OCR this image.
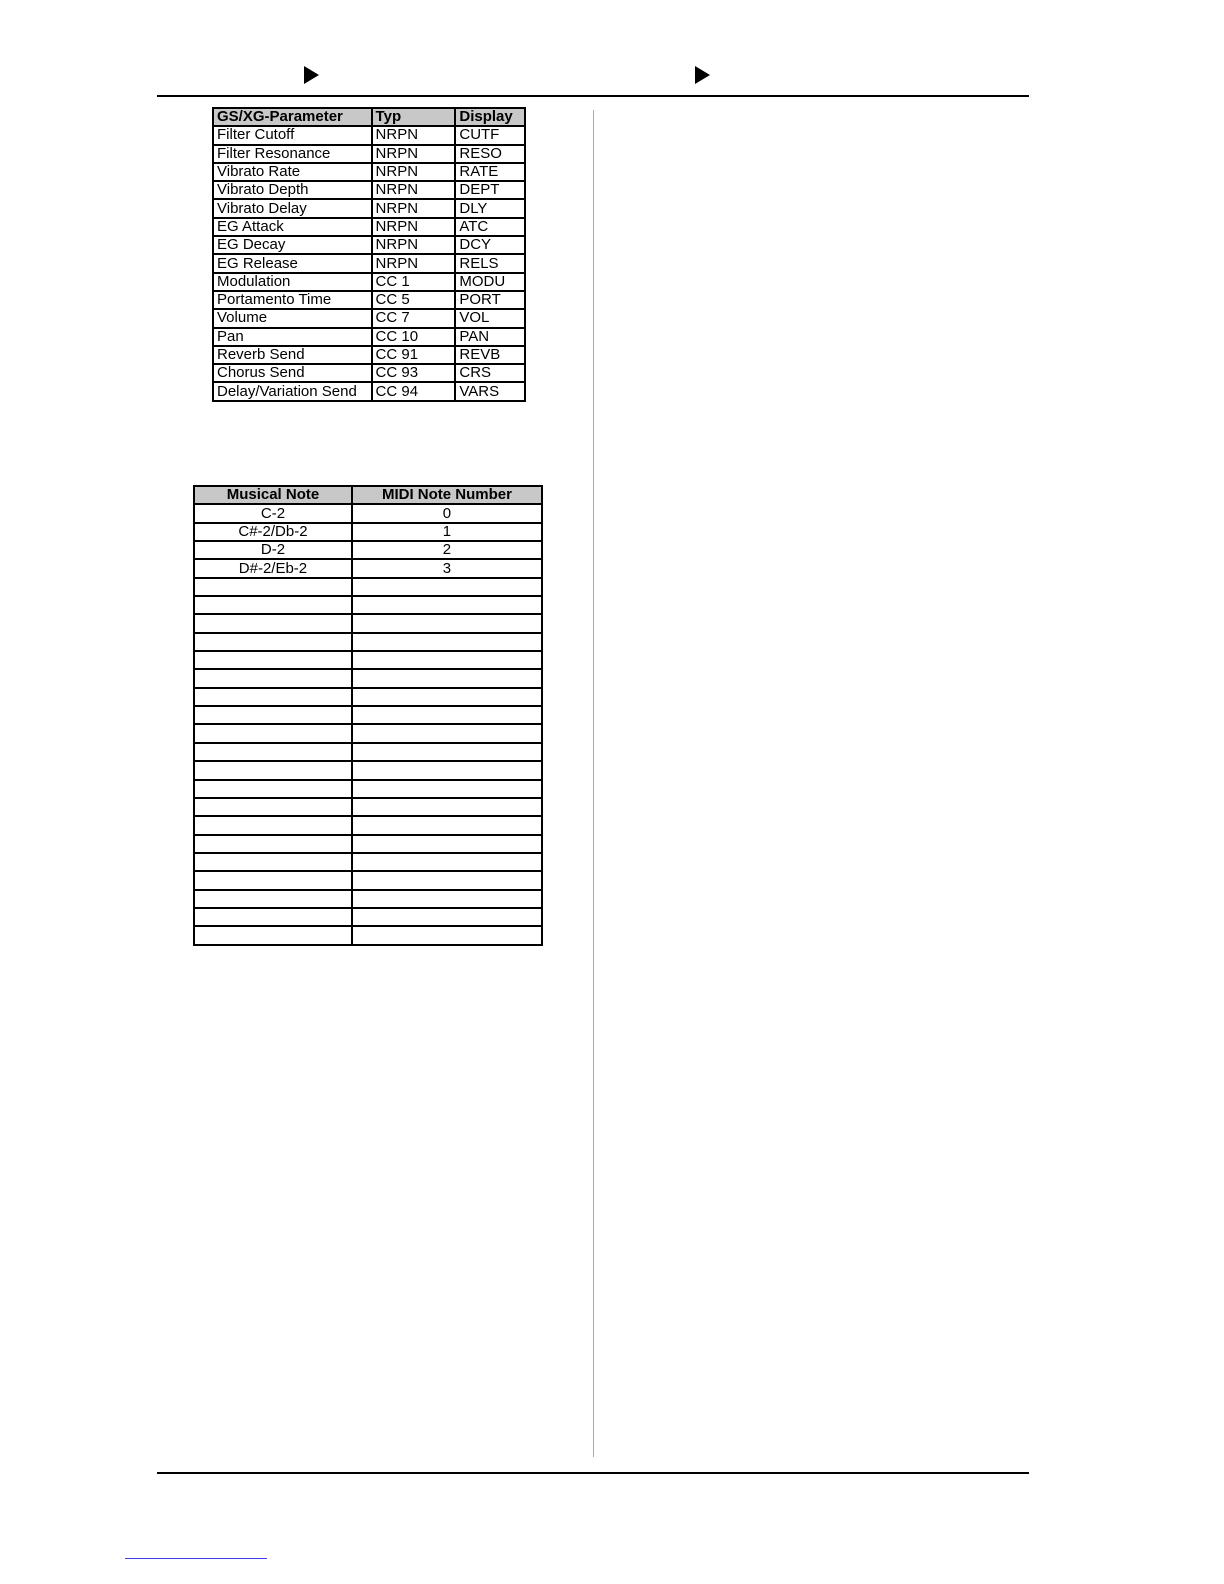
GS/XG-Parameter	Typ	Display
Filter Cutoff	NRPN	CUTF
Filter Resonance	NRPN	RESO
Vibrato Rate	NRPN	RATE
Vibrato Depth	NRPN	DEPT
Vibrato Delay	NRPN	DLY
EG Attack	NRPN	ATC
EG Decay	NRPN	DCY
EG Release	NRPN	RELS
Modulation	CC 1	MODU
Portamento Time	CC 5	PORT
Volume	CC 7	VOL
Pan	CC 10	PAN
Reverb Send	CC 91	REVB
Chorus Send	CC 93	CRS
Delay/Variation Send	CC 94	VARS
Musical Note	MIDI Note Number
C-2	0
C#-2/Db-2	1
D-2	2
D#-2/Eb-2	3
